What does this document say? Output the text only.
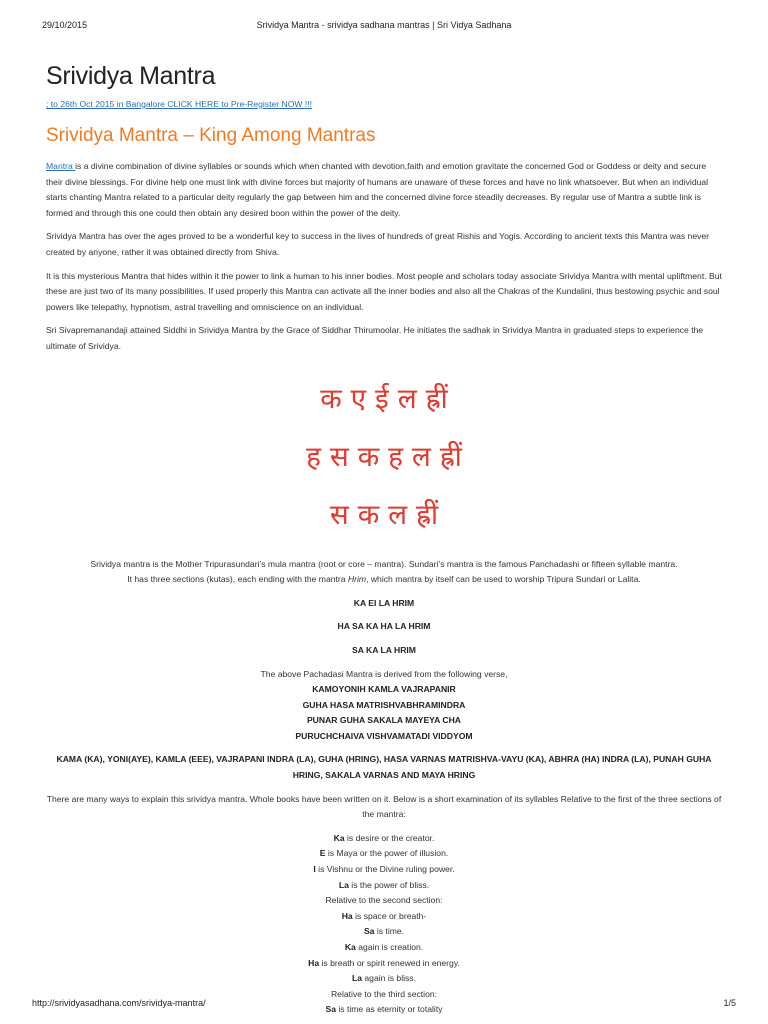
29/10/2015	Srividya Mantra - srividya sadhana mantras | Sri Vidya Sadhana
Srividya Mantra
; to 26th Oct 2015 in Bangalore CLICK HERE to Pre-Register NOW !!!
Srividya Mantra – King Among Mantras

Mantra is a divine combination of divine syllables or sounds which when chanted with devotion,faith and emotion gravitate the concerned God or Goddess or deity and secure their divine blessings. For divine help one must link with divine forces but majority of humans are unaware of these forces and have no link whatsoever. But when an individual starts chanting Mantra related to a particular deity regularly the gap between him and the concerned divine force steadily decreases. By regular use of Mantra a subtle link is formed and through this one could then obtain any desired boon within the power of the deity.

Srividya Mantra has over the ages proved to be a wonderful key to success in the lives of hundreds of great Rishis and Yogis. According to ancient texts this Mantra was never created by anyone, rather it was obtained directly from Shiva.

It is this mysterious Mantra that hides within it the power to link a human to his inner bodies. Most people and scholars today associate Srividya Mantra with mental upliftment. But these are just two of its many possibilities. If used properly this Mantra can activate all the inner bodies and also all the Chakras of the Kundalini, thus bestowing psychic and soul powers like telepathy, hypnotism, astral travelling and omniscience on an individual.

Sri Sivapremanandaji attained Siddhi in Srividya Mantra by the Grace of Siddhar Thirumoolar. He initiates the sadhak in Srividya Mantra in graduated steps to experience the ultimate of Srividya.

क ए ई ल ह्रीं
ह स क ह ल ह्रीं
स क ल ह्रीं

Srividya mantra is the Mother Tripurasundari’s mula mantra (root or core – mantra). Sundari’s mantra is the famous Panchadashi or fifteen syllable mantra.

It has three sections (kutas), each ending with the mantra Hrim, which mantra by itself can be used to worship Tripura Sundari or Lalita.

KA EI LA HRIM

HA SA KA HA LA HRIM

SA KA LA HRIM

The above Pachadasi Mantra is derived from the following verse,

KAMOYONIH KAMLA VAJRAPANIR

GUHA HASA MATRISHVABHRAMINDRA

PUNAR GUHA SAKALA MAYEYA CHA

PURUCHCHAIVA VISHVAMATADI VIDDYOM

KAMA (KA), YONI(AYE), KAMLA (EEE), VAJRAPANI INDRA (LA), GUHA (HRING), HASA VARNAS MATRISHVA-VAYU (KA), ABHRA (HA) INDRA (LA), PUNAH GUHA HRING, SAKALA VARNAS AND MAYA HRING

There are many ways to explain this srividya mantra. Whole books have been written on it. Below is a short examination of its syllables Relative to the first of the three sections of the mantra:

Ka is desire or the creator.

E is Maya or the power of illusion.

I is Vishnu or the Divine ruling power.

La is the power of bliss.

Relative to the second section:

Ha is space or breath-

Sa is time.

Ka again is creation.

Ha is breath or spirit renewed in energy.

La again is bliss.

Relative to the third section:

Sa is time as eternity or totality

http://srividyasadhana.com/srividya-mantra/	1/5
